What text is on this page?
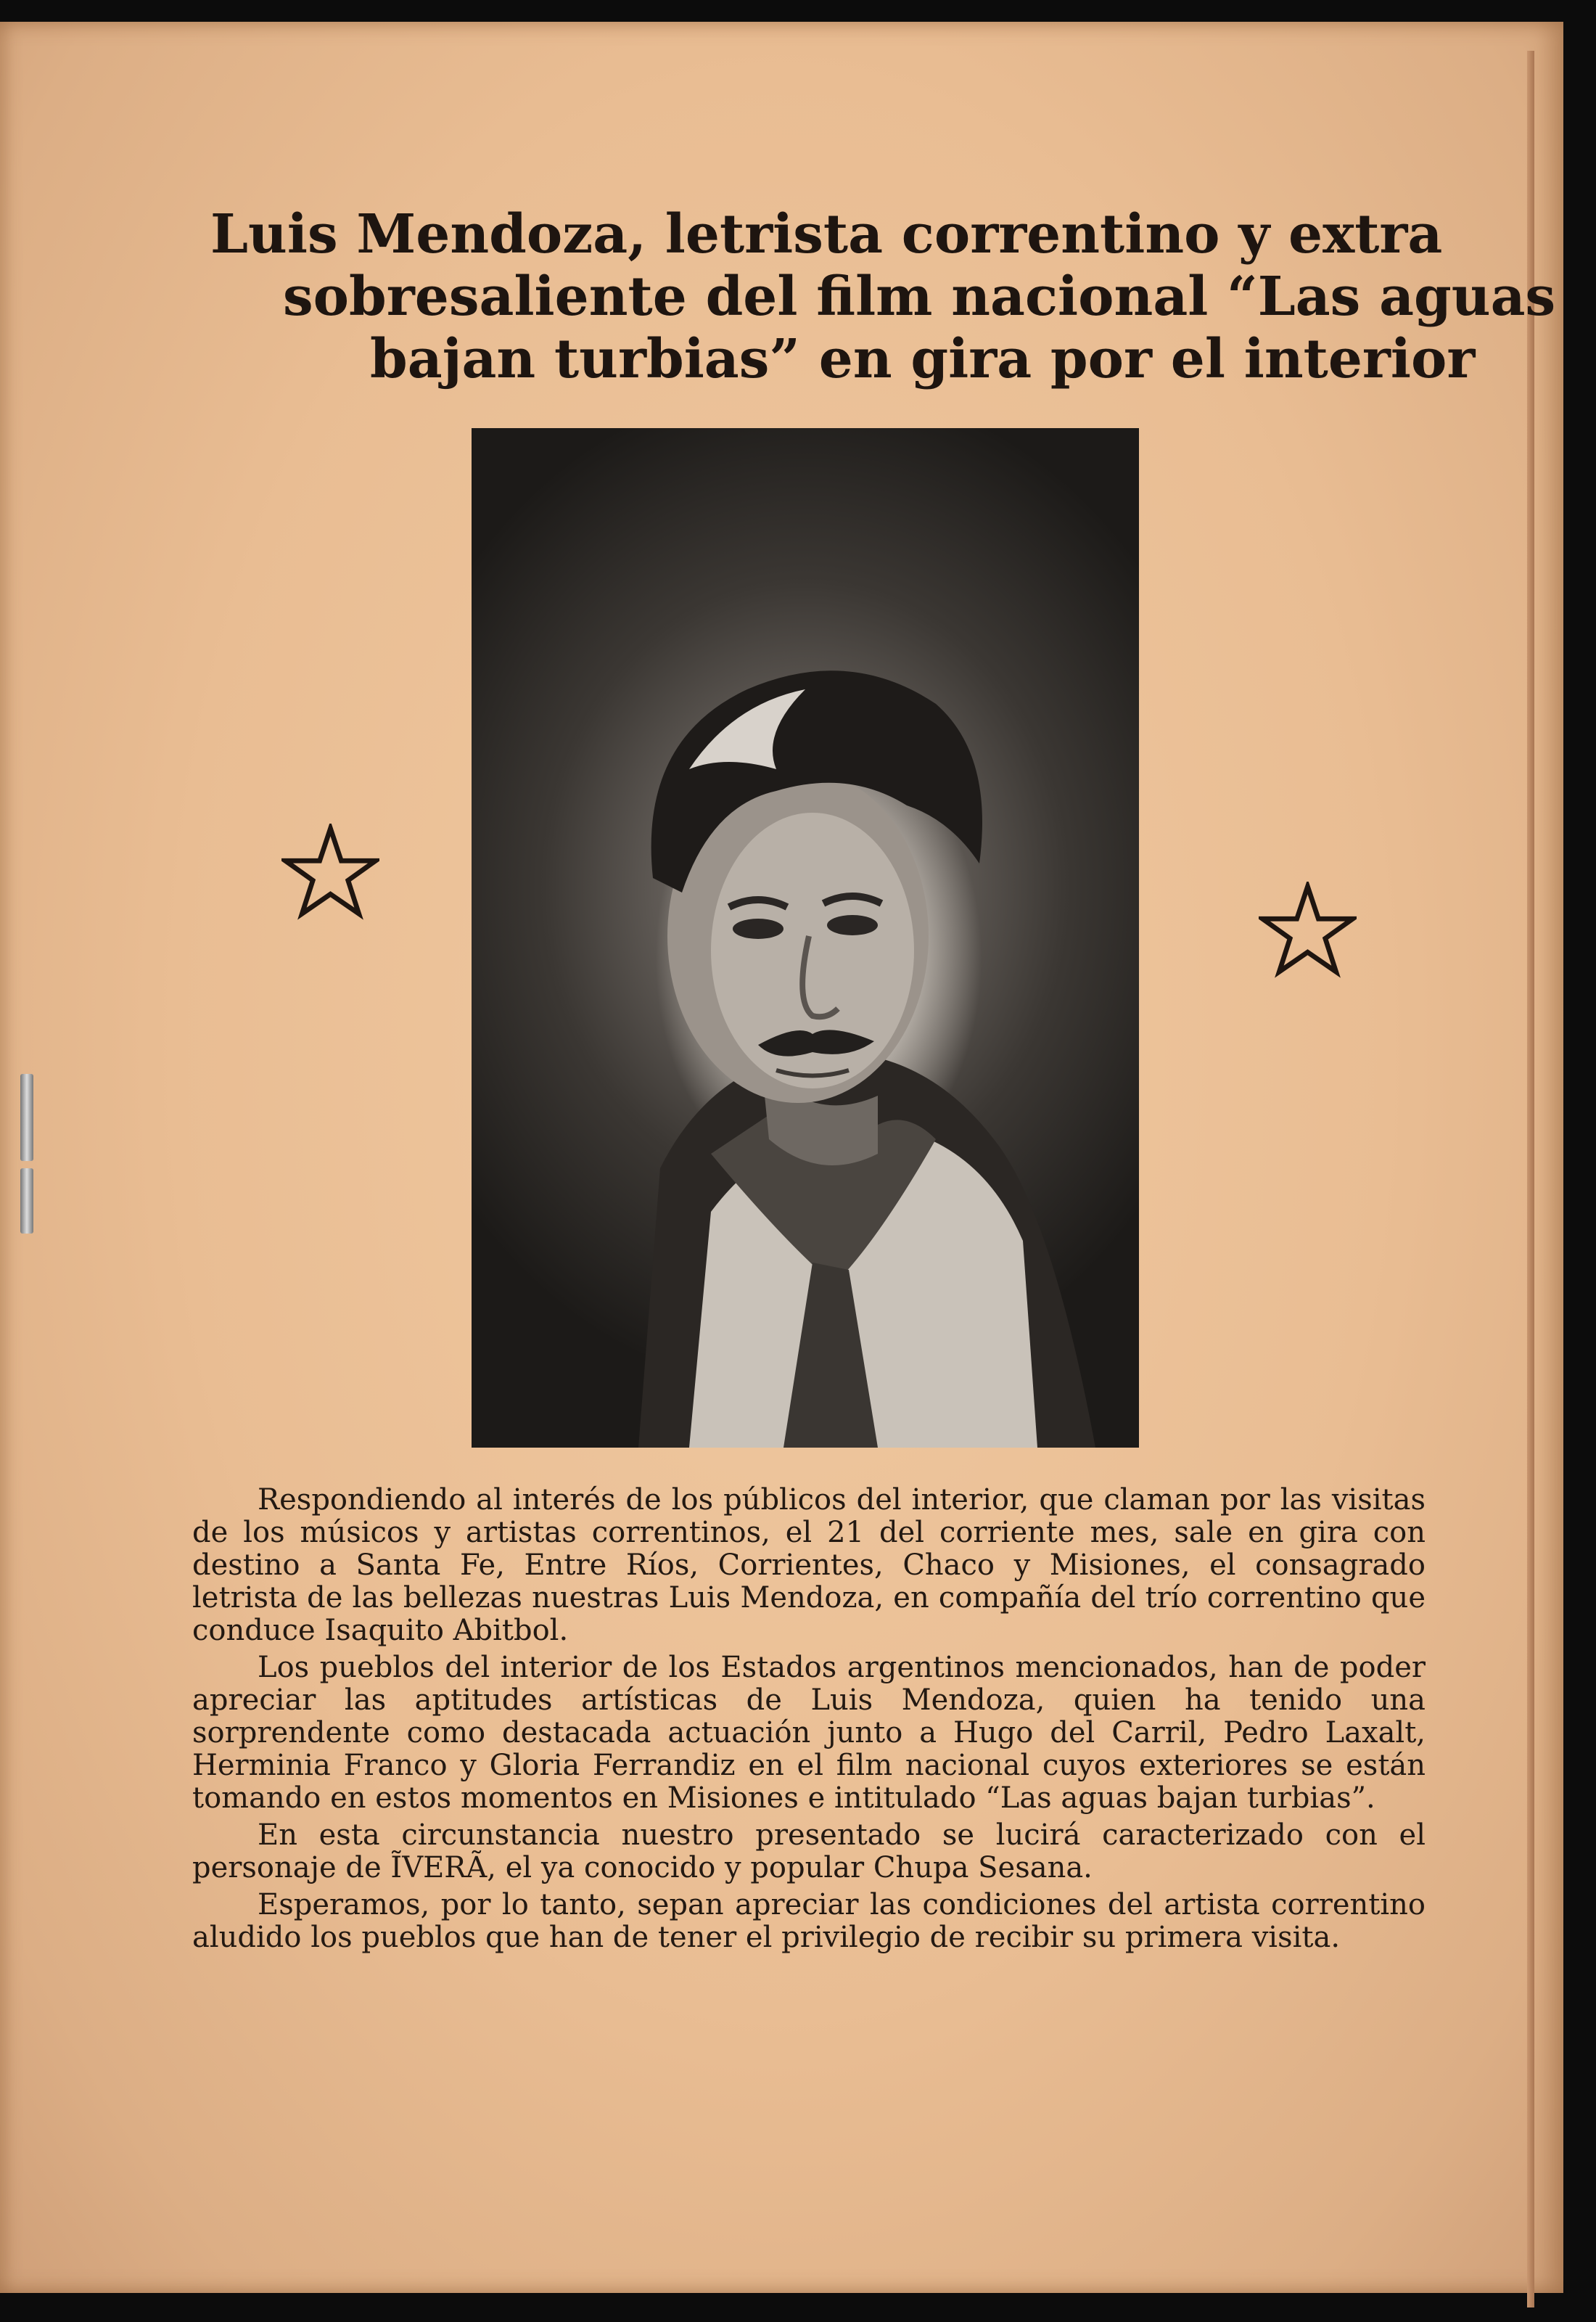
Luis Mendoza, letrista correntino y extra
sobresaliente del film nacional “Las aguas
bajan turbias” en gira por el interior

Respondiendo al interés de los públicos del interior, que claman por las visitas de los músicos y artistas correntinos, el 21 del corriente mes, sale en gira con destino a Santa Fe, Entre Ríos, Corrientes, Chaco y Misiones, el consagrado letrista de las bellezas nuestras Luis Mendoza, en compañía del trío correntino que conduce Isaquito Abitbol.

Los pueblos del interior de los Estados argentinos mencionados, han de poder apreciar las aptitudes artísticas de Luis Mendoza, quien ha tenido una sorprendente como destacada actuación junto a Hugo del Carril, Pedro Laxalt, Herminia Franco y Gloria Ferrandiz en el film nacional cuyos exteriores se están tomando en estos momentos en Misiones e intitulado “Las aguas bajan turbias”.

En esta circunstancia nuestro presentado se lucirá caracterizado con el personaje de ĨVERÃ, el ya conocido y popular Chupa Sesana.

Esperamos, por lo tanto, sepan apreciar las condiciones del artista correntino aludido los pueblos que han de tener el privilegio de recibir su primera visita.
